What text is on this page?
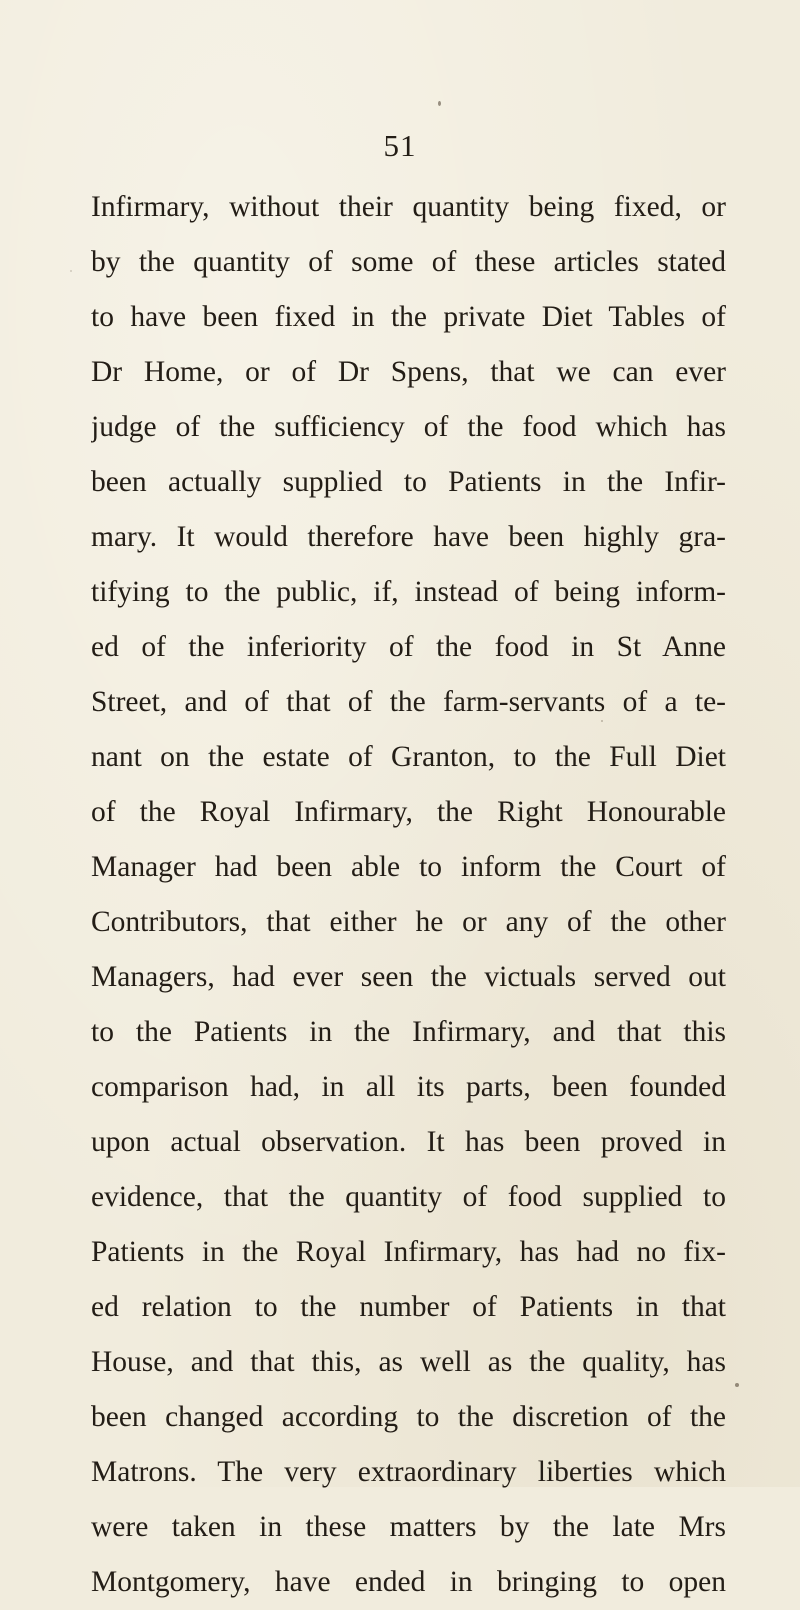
51
Infirmary, without their quantity being fixed, or
by the quantity of some of these articles stated
to have been fixed in the private Diet Tables of
Dr Home, or of Dr Spens, that we can ever
judge of the sufficiency of the food which has
been actually supplied to Patients in the Infir-
mary. It would therefore have been highly gra-
tifying to the public, if, instead of being inform-
ed of the inferiority of the food in St Anne
Street, and of that of the farm-servants of a te-
nant on the estate of Granton, to the Full Diet
of the Royal Infirmary, the Right Honourable
Manager had been able to inform the Court of
Contributors, that either he or any of the other
Managers, had ever seen the victuals served out
to the Patients in the Infirmary, and that this
comparison had, in all its parts, been founded
upon actual observation. It has been proved in
evidence, that the quantity of food supplied to
Patients in the Royal Infirmary, has had no fix-
ed relation to the number of Patients in that
House, and that this, as well as the quality, has
been changed according to the discretion of the
Matrons. The very extraordinary liberties which
were taken in these matters by the late Mrs
Montgomery, have ended in bringing to open
